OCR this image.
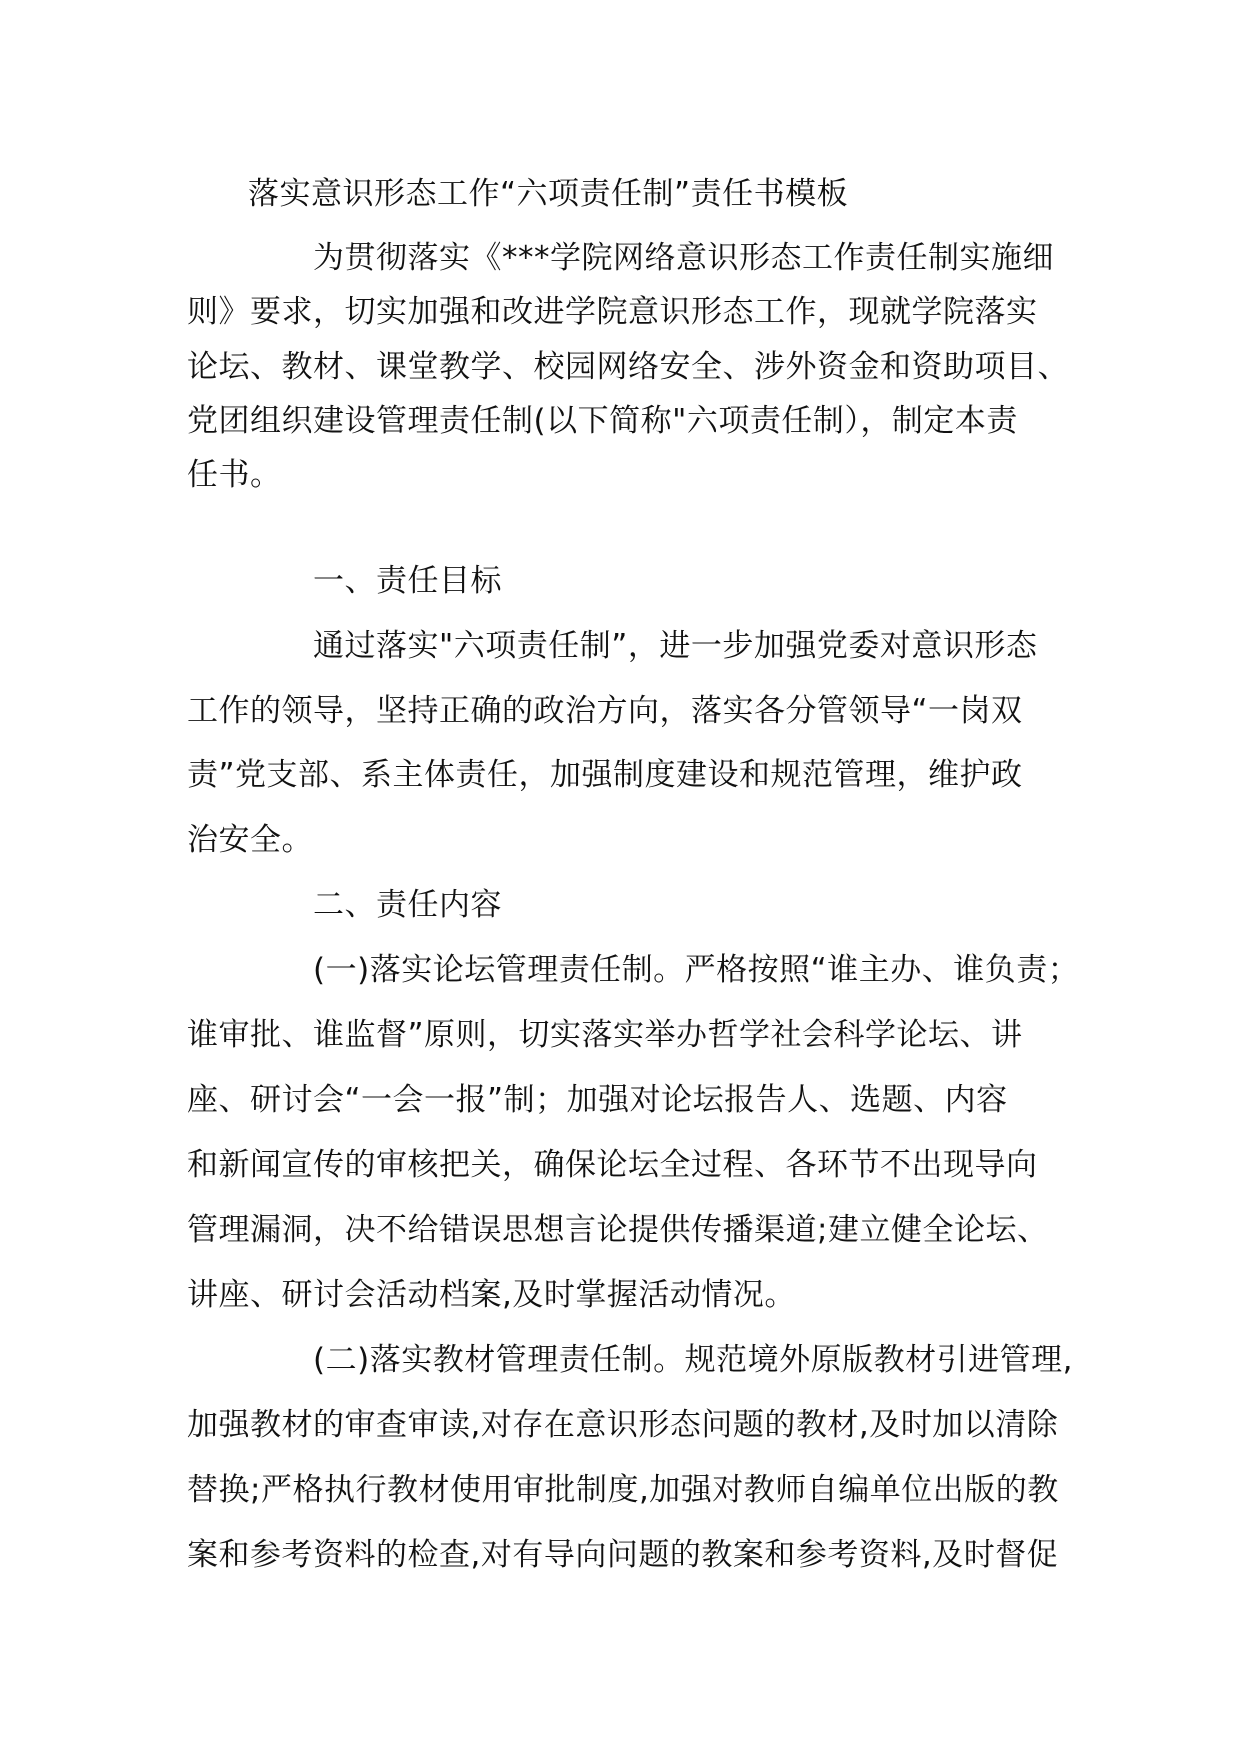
落实意识形态工作“六项责任制”责任书模板
为贯彻落实《***学院网络意识形态工作责任制实施细
则》要求，切实加强和改进学院意识形态工作，现就学院落实
论坛、教材、课堂教学、校园网络安全、涉外资金和资助项目、
党团组织建设管理责任制(以下简称"六项责任制），制定本责
任书。
一、责任目标
通过落实"六项责任制”，进一步加强党委对意识形态
工作的领导，坚持正确的政治方向，落实各分管领导“一岗双
责”党支部、系主体责任，加强制度建设和规范管理，维护政
治安全。
二、责任内容
(一)落实论坛管理责任制。严格按照“谁主办、谁负责；
谁审批、谁监督”原则，切实落实举办哲学社会科学论坛、讲
座、研讨会“一会一报”制；加强对论坛报告人、选题、内容
和新闻宣传的审核把关，确保论坛全过程、各环节不出现导向
管理漏洞，决不给错误思想言论提供传播渠道;建立健全论坛、
讲座、研讨会活动档案,及时掌握活动情况。
(二)落实教材管理责任制。规范境外原版教材引进管理,
加强教材的审查审读,对存在意识形态问题的教材,及时加以清除
替换;严格执行教材使用审批制度,加强对教师自编单位出版的教
案和参考资料的检查,对有导向问题的教案和参考资料,及时督促
